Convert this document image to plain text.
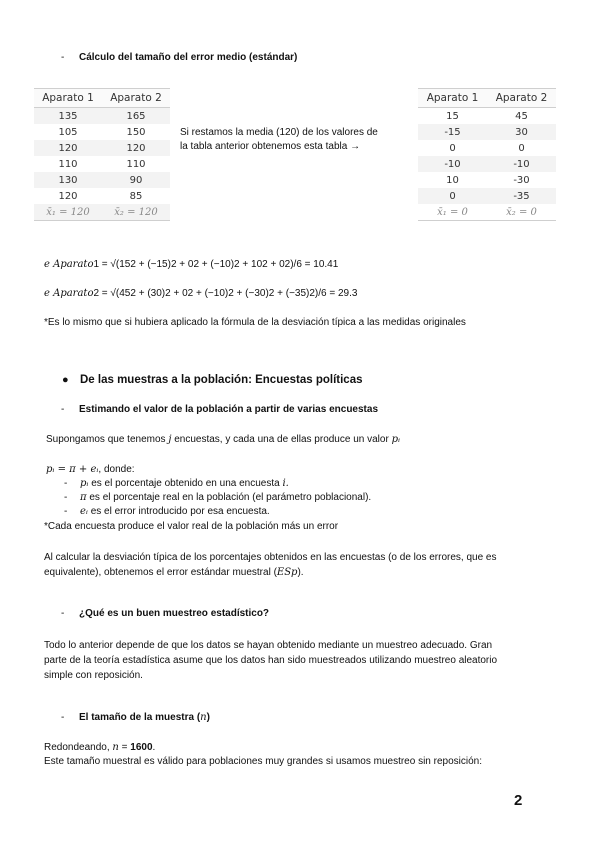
- Cálculo del tamaño del error medio (estándar)
Aparato 1	Aparato 2
135	165
105	150
120	120
110	110
130	90
120	85
x̄₁ = 120	x̄₂ = 120
Si restamos la media (120) de los valores de
la tabla anterior obtenemos esta tabla →
Aparato 1	Aparato 2
15	45
-15	30
0	0
-10	-10
10	-30
0	-35
x̄₁ = 0	x̄₂ = 0
e Aparato1 = √(152 + (−15)2 + 02 + (−10)2 + 102 + 02)/6 = 10.41
e Aparato2 = √(452 + (30)2 + 02 + (−10)2 + (−30)2 + (−35)2)/6 = 29.3
*Es lo mismo que si hubiera aplicado la fórmula de la desviación típica a las medidas originales
● De las muestras a la población: Encuestas políticas
- Estimando el valor de la población a partir de varias encuestas
Supongamos que tenemos j encuestas, y cada una de ellas produce un valor pᵢ
pᵢ = π + eᵢ, donde:
- pᵢ es el porcentaje obtenido en una encuesta i.
- π es el porcentaje real en la población (el parámetro poblacional).
- eᵢ es el error introducido por esa encuesta.
*Cada encuesta produce el valor real de la población más un error
Al calcular la desviación típica de los porcentajes obtenidos en las encuestas (o de los errores, que es
equivalente), obtenemos el error estándar muestral (ESp).
- ¿Qué es un buen muestreo estadístico?
Todo lo anterior depende de que los datos se hayan obtenido mediante un muestreo adecuado. Gran
parte de la teoría estadística asume que los datos han sido muestreados utilizando muestreo aleatorio
simple con reposición.
- El tamaño de la muestra (n)
Redondeando, n = 1600.
Este tamaño muestral es válido para poblaciones muy grandes si usamos muestreo sin reposición:
2
